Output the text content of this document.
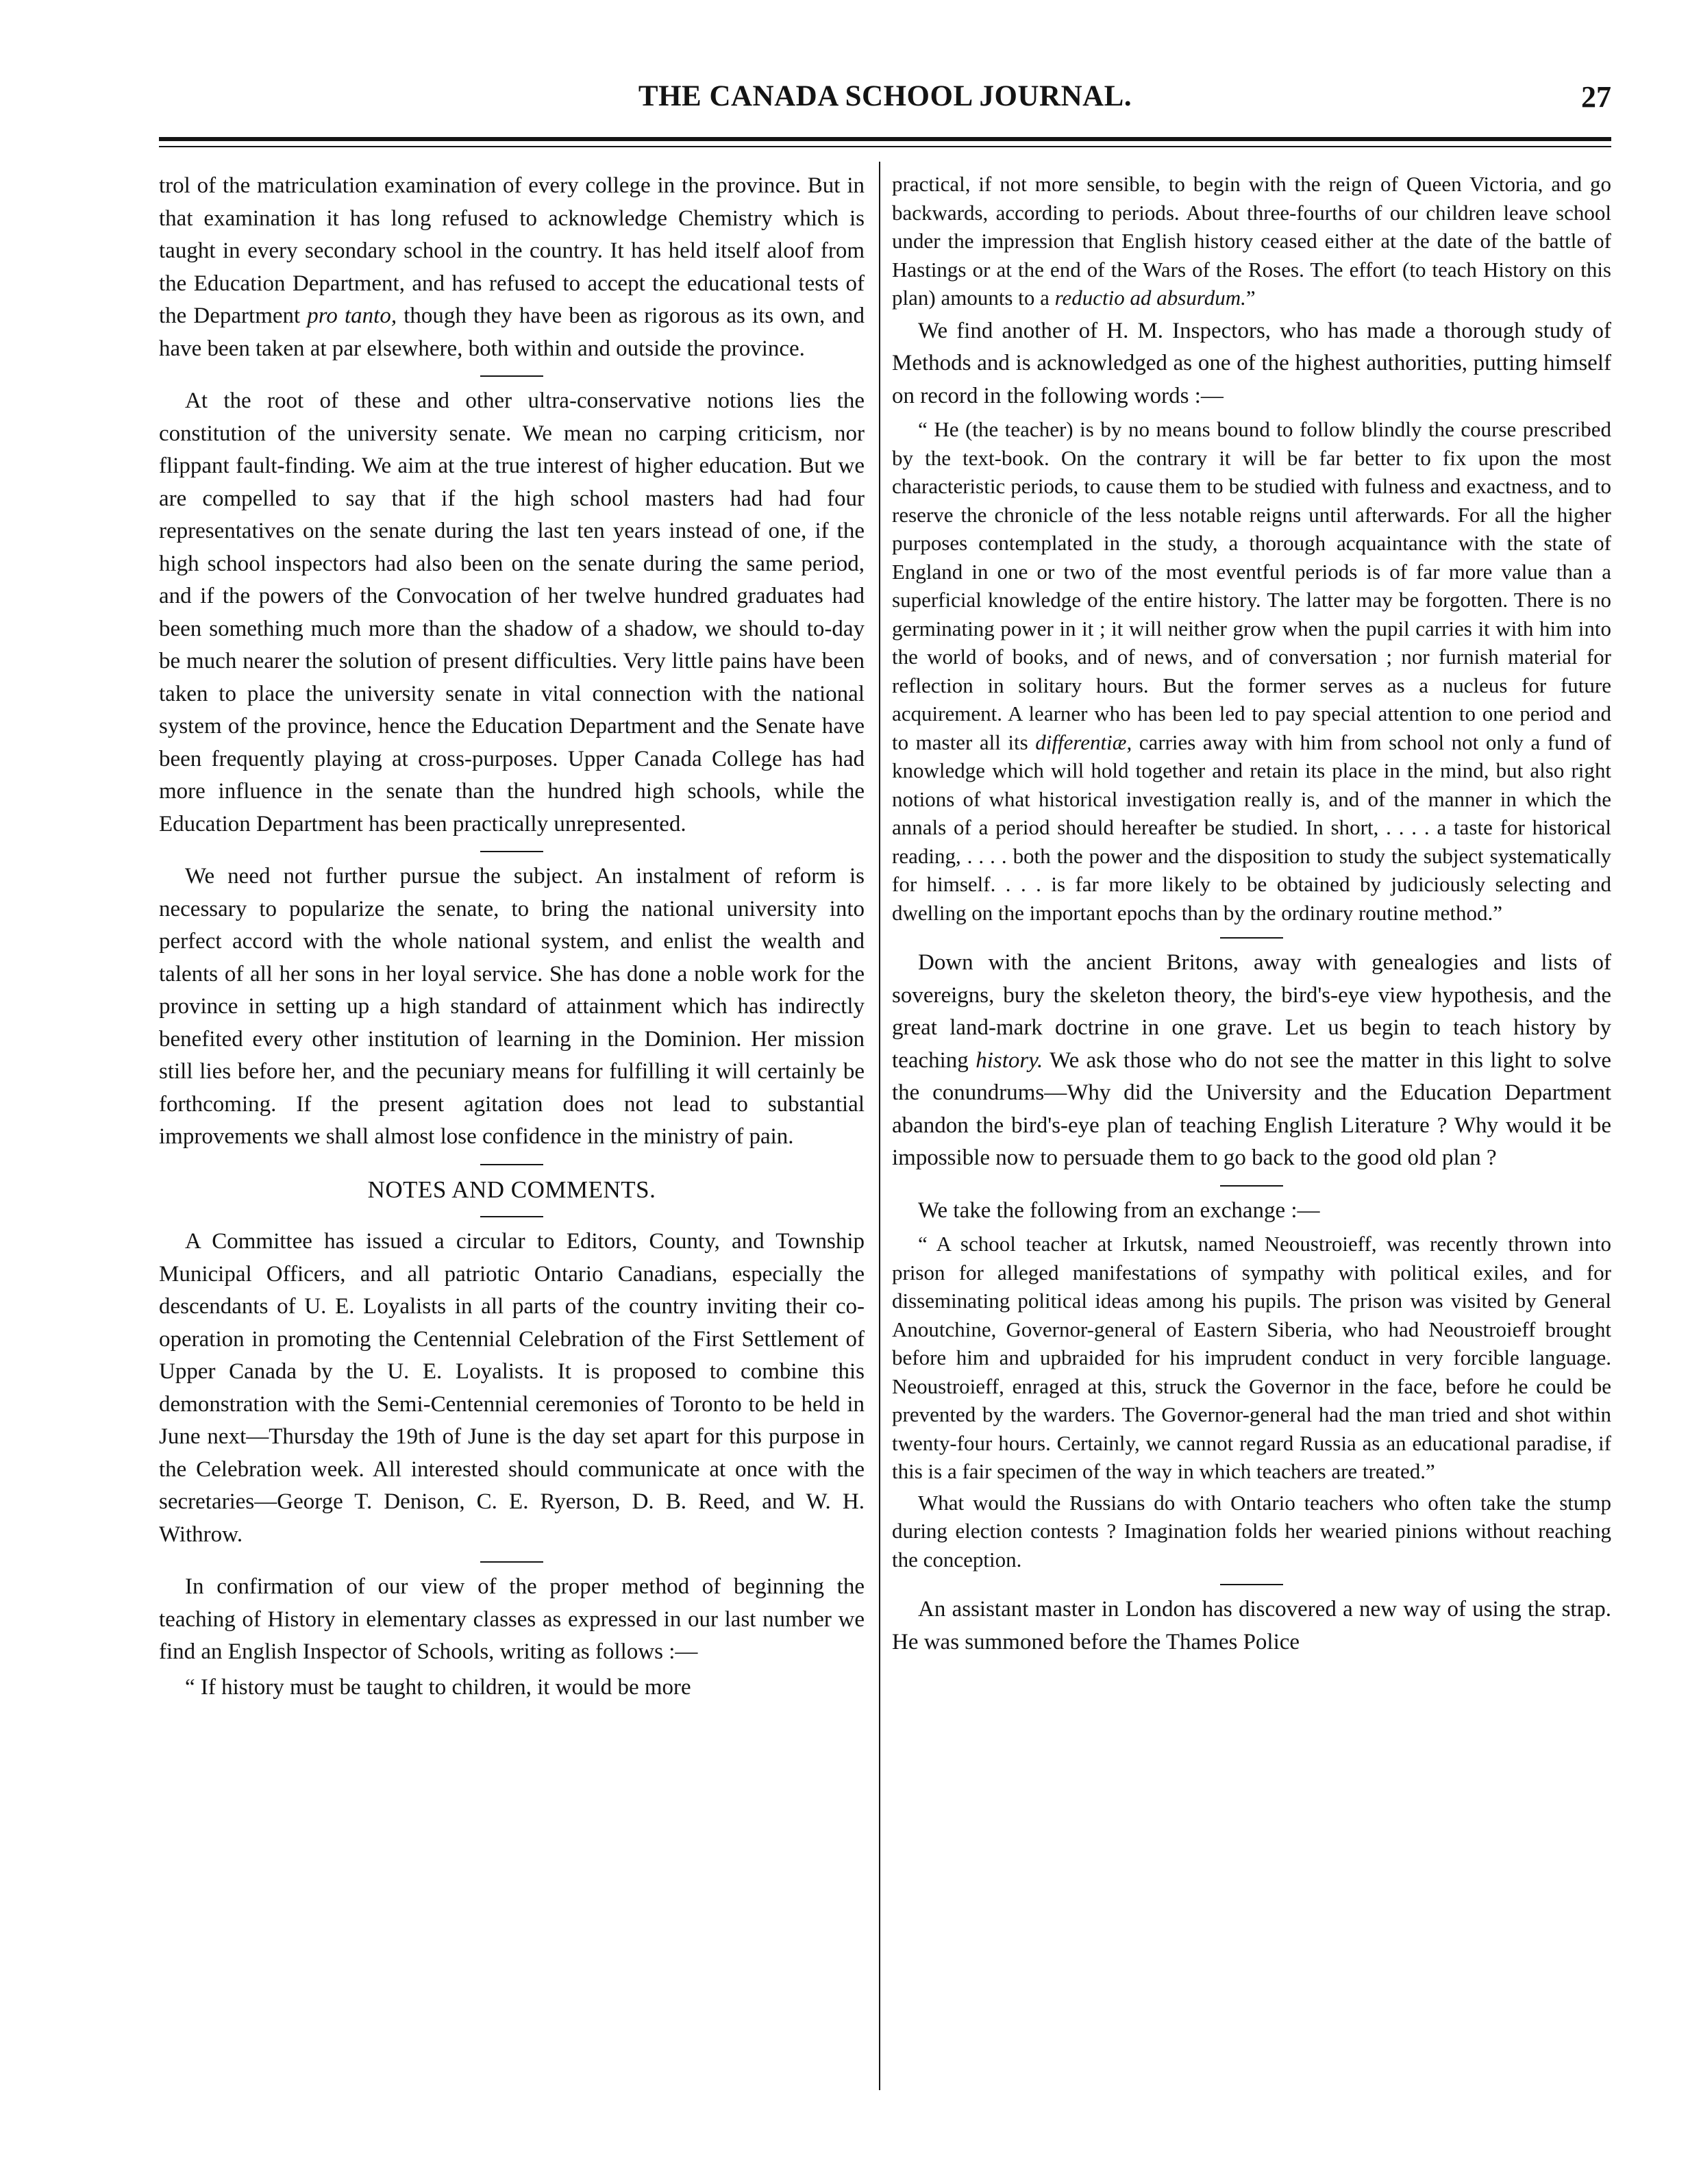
THE CANADA SCHOOL JOURNAL.	27

trol of the matriculation examination of every college in the province. But in that examination it has long refused to acknowledge Chemistry which is taught in every secondary school in the country. It has held itself aloof from the Education Department, and has refused to accept the educational tests of the Department pro tanto, though they have been as rigorous as its own, and have been taken at par elsewhere, both within and outside the province.

At the root of these and other ultra-conservative notions lies the constitution of the university senate. We mean no carping criticism, nor flippant fault-finding. We aim at the true interest of higher education. But we are compelled to say that if the high school masters had had four representatives on the senate during the last ten years instead of one, if the high school inspectors had also been on the senate during the same period, and if the powers of the Convocation of her twelve hundred graduates had been something much more than the shadow of a shadow, we should to-day be much nearer the solution of present difficulties. Very little pains have been taken to place the university senate in vital connection with the national system of the province, hence the Education Department and the Senate have been frequently playing at cross-purposes. Upper Canada College has had more influence in the senate than the hundred high schools, while the Education Department has been practically unrepresented.

We need not further pursue the subject. An instalment of reform is necessary to popularize the senate, to bring the national university into perfect accord with the whole national system, and enlist the wealth and talents of all her sons in her loyal service. She has done a noble work for the province in setting up a high standard of attainment which has indirectly benefited every other institution of learning in the Dominion. Her mission still lies before her, and the pecuniary means for fulfilling it will certainly be forthcoming. If the present agitation does not lead to substantial improvements we shall almost lose confidence in the ministry of pain.

NOTES AND COMMENTS.

A Committee has issued a circular to Editors, County, and Township Municipal Officers, and all patriotic Ontario Canadians, especially the descendants of U. E. Loyalists in all parts of the country inviting their co-operation in promoting the Centennial Celebration of the First Settlement of Upper Canada by the U. E. Loyalists. It is proposed to combine this demonstration with the Semi-Centennial ceremonies of Toronto to be held in June next—Thursday the 19th of June is the day set apart for this purpose in the Celebration week. All interested should communicate at once with the secretaries—George T. Denison, C. E. Ryerson, D. B. Reed, and W. H. Withrow.

In confirmation of our view of the proper method of beginning the teaching of History in elementary classes as expressed in our last number we find an English Inspector of Schools, writing as follows :—

“ If history must be taught to children, it would be more

practical, if not more sensible, to begin with the reign of Queen Victoria, and go backwards, according to periods. About three-fourths of our children leave school under the impression that English history ceased either at the date of the battle of Hastings or at the end of the Wars of the Roses. The effort (to teach History on this plan) amounts to a reductio ad absurdum.”

We find another of H. M. Inspectors, who has made a thorough study of Methods and is acknowledged as one of the highest authorities, putting himself on record in the following words :—

“ He (the teacher) is by no means bound to follow blindly the course prescribed by the text-book. On the contrary it will be far better to fix upon the most characteristic periods, to cause them to be studied with fulness and exactness, and to reserve the chronicle of the less notable reigns until afterwards. For all the higher purposes contemplated in the study, a thorough acquaintance with the state of England in one or two of the most eventful periods is of far more value than a superficial knowledge of the entire history. The latter may be forgotten. There is no germinating power in it ; it will neither grow when the pupil carries it with him into the world of books, and of news, and of conversation ; nor furnish material for reflection in solitary hours. But the former serves as a nucleus for future acquirement. A learner who has been led to pay special attention to one period and to master all its differentiæ, carries away with him from school not only a fund of knowledge which will hold together and retain its place in the mind, but also right notions of what historical investigation really is, and of the manner in which the annals of a period should hereafter be studied. In short, . . . . a taste for historical reading, . . . . both the power and the disposition to study the subject systematically for himself. . . . is far more likely to be obtained by judiciously selecting and dwelling on the important epochs than by the ordinary routine method.”

Down with the ancient Britons, away with genealogies and lists of sovereigns, bury the skeleton theory, the bird's-eye view hypothesis, and the great land-mark doctrine in one grave. Let us begin to teach history by teaching history. We ask those who do not see the matter in this light to solve the conundrums—Why did the University and the Education Department abandon the bird's-eye plan of teaching English Literature ? Why would it be impossible now to persuade them to go back to the good old plan ?

We take the following from an exchange :—

“ A school teacher at Irkutsk, named Neoustroieff, was recently thrown into prison for alleged manifestations of sympathy with political exiles, and for disseminating political ideas among his pupils. The prison was visited by General Anoutchine, Governor-general of Eastern Siberia, who had Neoustroieff brought before him and upbraided for his imprudent conduct in very forcible language. Neoustroieff, enraged at this, struck the Governor in the face, before he could be prevented by the warders. The Governor-general had the man tried and shot within twenty-four hours. Certainly, we cannot regard Russia as an educational paradise, if this is a fair specimen of the way in which teachers are treated.”

What would the Russians do with Ontario teachers who often take the stump during election contests ? Imagination folds her wearied pinions without reaching the conception.

An assistant master in London has discovered a new way of using the strap. He was summoned before the Thames Police
